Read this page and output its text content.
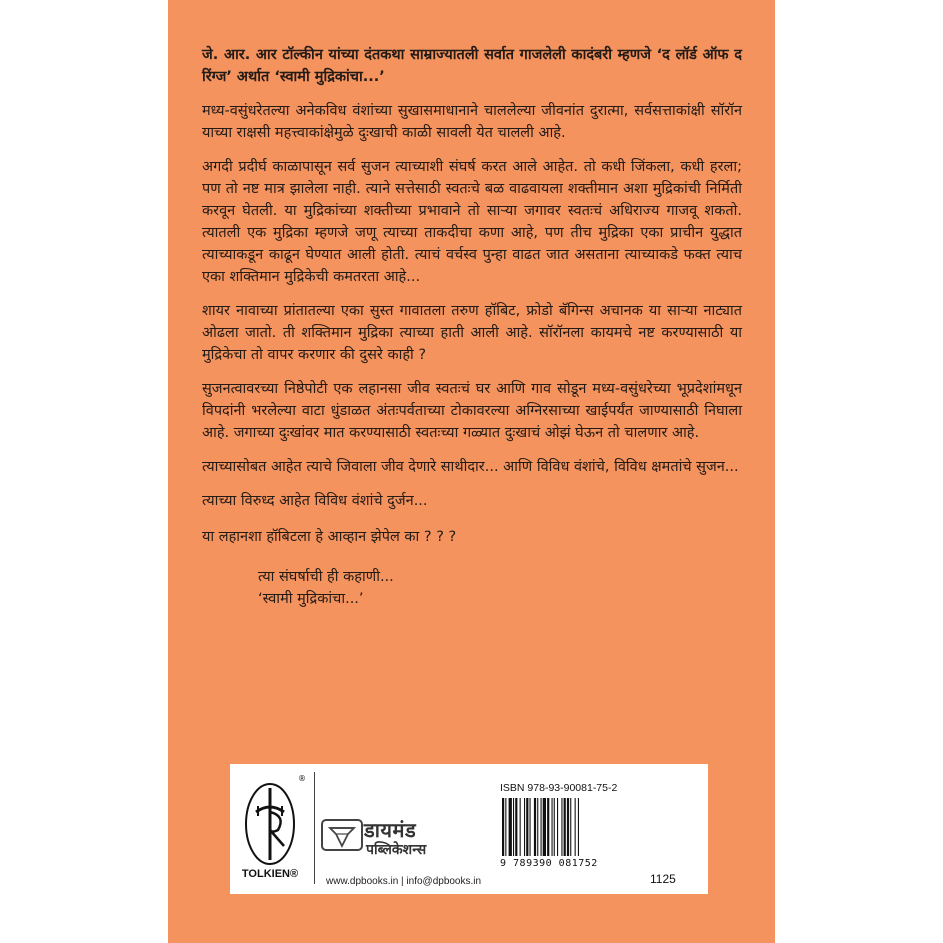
जे. आर. आर टॉल्कीन यांच्या दंतकथा साम्राज्यातली सर्वात गाजलेली कादंबरी म्हणजे ‘द लॉर्ड ऑफ द रिंग्ज’ अर्थात ‘स्वामी मुद्रिकांचा...’

मध्य-वसुंधरेतल्या अनेकविध वंशांच्या सुखासमाधानाने चाललेल्या जीवनांत दुरात्मा, सर्वसत्ताकांक्षी सॉरॉन याच्या राक्षसी महत्त्वाकांक्षेमुळे दुःखाची काळी सावली येत चालली आहे.

अगदी प्रदीर्घ काळापासून सर्व सुजन त्याच्याशी संघर्ष करत आले आहेत. तो कधी जिंकला, कधी हरला; पण तो नष्ट मात्र झालेला नाही. त्याने सत्तेसाठी स्वतःचे बळ वाढवायला शक्तीमान अशा मुद्रिकांची निर्मिती करवून घेतली. या मुद्रिकांच्या शक्तीच्या प्रभावाने तो साऱ्या जगावर स्वतःचं अधिराज्य गाजवू शकतो. त्यातली एक मुद्रिका म्हणजे जणू त्याच्या ताकदीचा कणा आहे, पण तीच मुद्रिका एका प्राचीन युद्धात त्याच्याकडून काढून घेण्यात आली होती. त्याचं वर्चस्व पुन्हा वाढत जात असताना त्याच्याकडे फक्त त्याच एका शक्तिमान मुद्रिकेची कमतरता आहे...

शायर नावाच्या प्रांतातल्या एका सुस्त गावातला तरुण हॉबिट, फ्रोडो बॅगिन्स अचानक या साऱ्या नाट्यात ओढला जातो. ती शक्तिमान मुद्रिका त्याच्या हाती आली आहे. सॉरॉनला कायमचे नष्ट करण्यासाठी या मुद्रिकेचा तो वापर करणार की दुसरे काही ?

सुजनत्वावरच्या निष्ठेपोटी एक लहानसा जीव स्वतःचं घर आणि गाव सोडून मध्य-वसुंधरेच्या भूप्रदेशांमधून विपदांनी भरलेल्या वाटा धुंडाळत अंतःपर्वताच्या टोकावरल्या अग्निरसाच्या खाईपर्यंत जाण्यासाठी निघाला आहे. जगाच्या दुःखांवर मात करण्यासाठी स्वतःच्या गळ्यात दुःखाचं ओझं घेऊन तो चालणार आहे.

त्याच्यासोबत आहेत त्याचे जिवाला जीव देणारे साथीदार... आणि विविध वंशांचे, विविध क्षमतांचे सुजन...

त्याच्या विरुध्द आहेत विविध वंशांचे दुर्जन...

या लहानशा हॉबिटला हे आव्हान झेपेल का ? ? ?

त्या संघर्षाची ही कहाणी...
‘स्वामी मुद्रिकांचा...’
®
TOLKIEN®
डायमंड
पब्लिकेशन्स
www.dpbooks.in | info@dpbooks.in
ISBN 978-93-90081-75-2
9 789390 081752
1125
